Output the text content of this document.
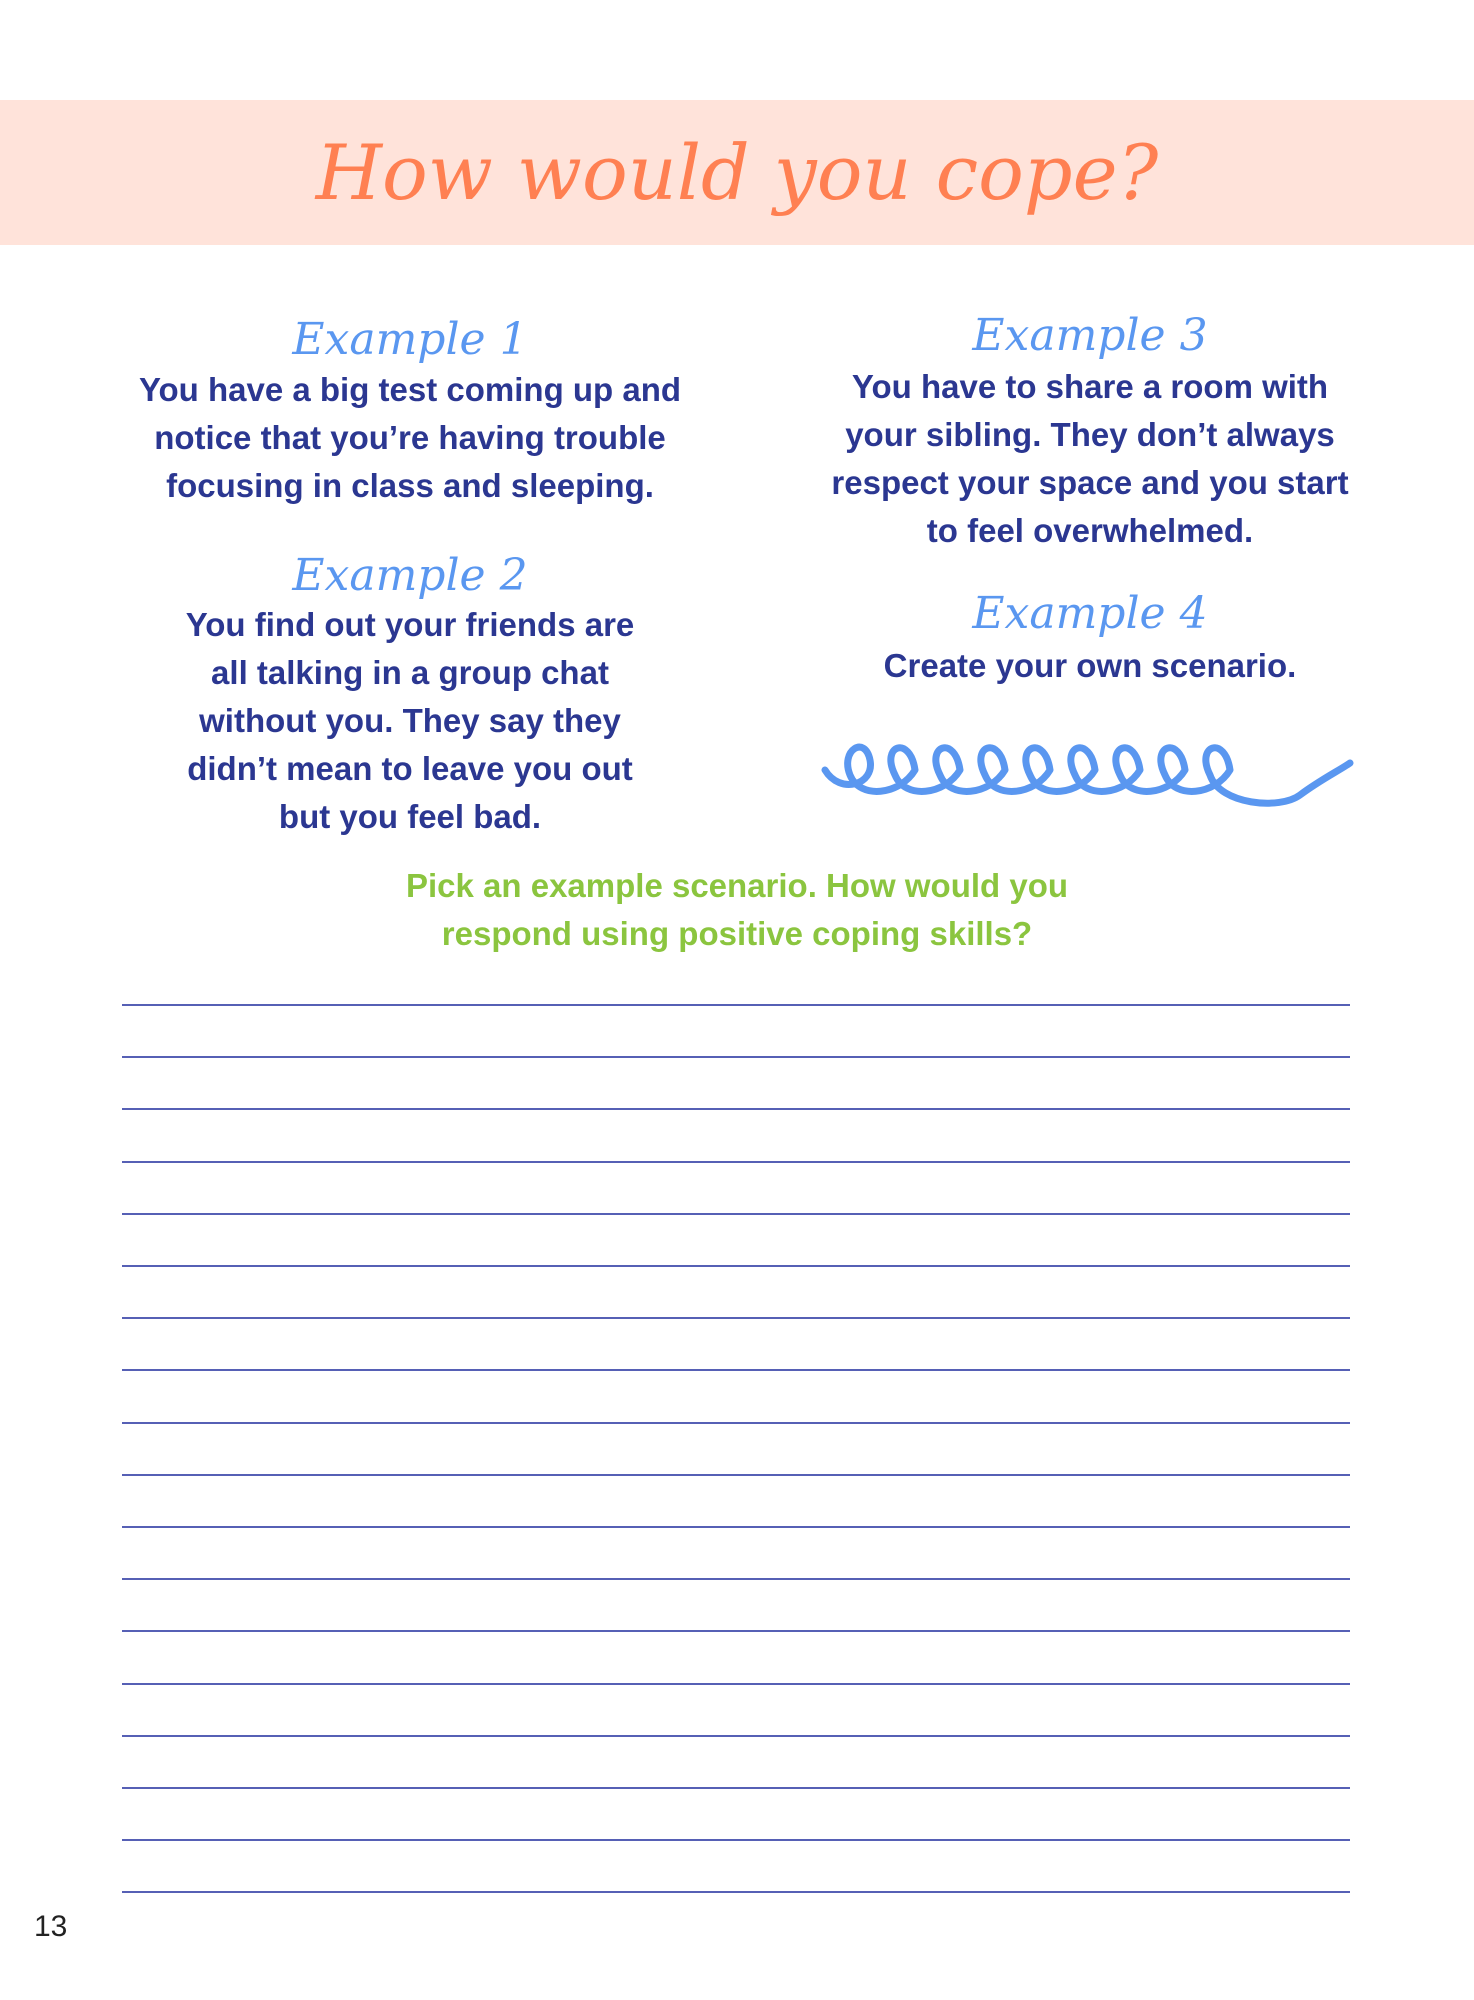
How would you cope?
Example 1
You have a big test coming up and
notice that you’re having trouble
focusing in class and sleeping.
Example 2
You find out your friends are
all talking in a group chat
without you. They say they
didn’t mean to leave you out
but you feel bad.
Example 3
You have to share a room with
your sibling. They don’t always
respect your space and you start
to feel overwhelmed.
Example 4
Create your own scenario.
Pick an example scenario. How would you
respond using positive coping skills?
13
